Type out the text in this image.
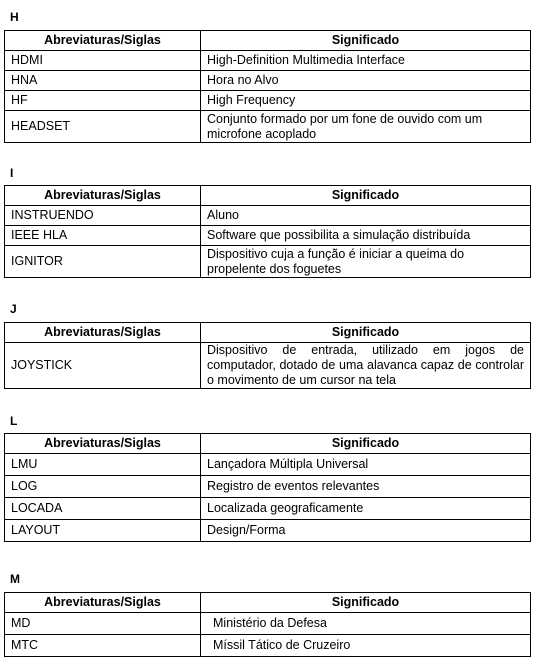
H
Abreviaturas/Siglas	Significado
HDMI	High-Definition Multimedia Interface
HNA	Hora no Alvo
HF	High Frequency
HEADSET	Conjunto formado por um fone de ouvido com um microfone acoplado
I
Abreviaturas/Siglas	Significado
INSTRUENDO	Aluno
IEEE HLA	Software que possibilita a simulação distribuída
IGNITOR	Dispositivo cuja a função é iniciar a queima do propelente dos foguetes
J
Abreviaturas/Siglas	Significado
JOYSTICK	Dispositivo de entrada, utilizado em jogos de computador, dotado de uma alavanca capaz de controlar o movimento de um cursor na tela
L
Abreviaturas/Siglas	Significado
LMU	Lançadora Múltipla Universal
LOG	Registro de eventos relevantes
LOCADA	Localizada geograficamente
LAYOUT	Design/Forma
M
Abreviaturas/Siglas	Significado
MD	Ministério da Defesa
MTC	Míssil Tático de Cruzeiro
